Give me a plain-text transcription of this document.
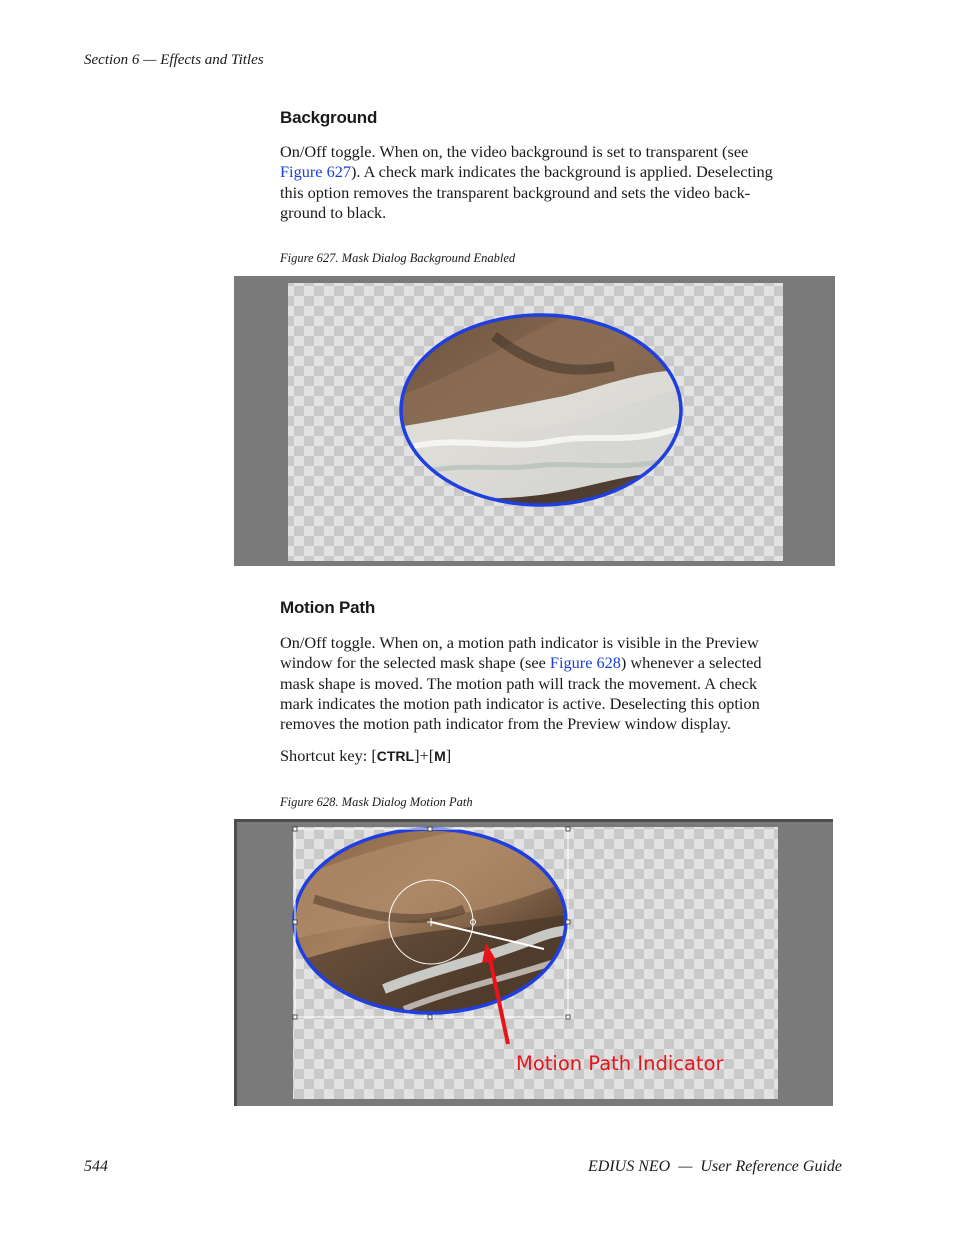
Section 6 — Effects and Titles
Background
On/Off toggle. When on, the video background is set to transparent (see
Figure 627). A check mark indicates the background is applied. Deselecting
this option removes the transparent background and sets the video back-
ground to black.
Figure 627. Mask Dialog Background Enabled
Motion Path
On/Off toggle. When on, a motion path indicator is visible in the Preview
window for the selected mask shape (see Figure 628) whenever a selected
mask shape is moved. The motion path will track the movement. A check
mark indicates the motion path indicator is active. Deselecting this option
removes the motion path indicator from the Preview window display.
Shortcut key: [CTRL]+[M]
Figure 628. Mask Dialog Motion Path
Motion Path Indicator
544	EDIUS NEO  —  User Reference Guide
